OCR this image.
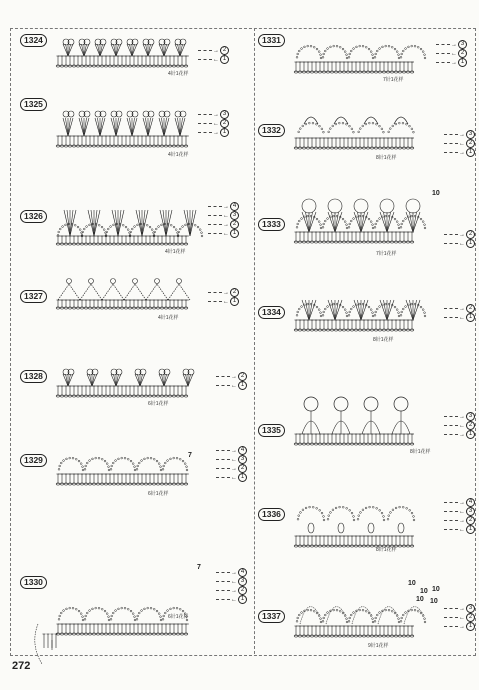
1324
4针1花样
→ 2
← 1
1325
4针1花样
→ 3
← 2
→ 1
1326
4针1花样
→ 4
← 3
→ 2
← 1
1327
4针1花样
→ 2
← 1
1328
6针1花样
→ 2
← 1
1329	7
6针1花样
→ 4
← 3
→ 2
← 1
1330
7
6针1花样
→ 4
← 3
→ 2
← 1
1331
7针1花样
→ 3
← 2
→ 1
1332
8针1花样
→ 3
← 2
→ 1
1333
10
7针1花样
→ 2
← 1
1334
8针1花样
→ 2
← 1
1335
8针1花样
→ 3
← 2
→ 1
1336
8针1花样
→ 4
← 3
→ 2
← 1
1337
10
10 10
10 10
9针1花样
→ 3
← 2
→ 1
272
